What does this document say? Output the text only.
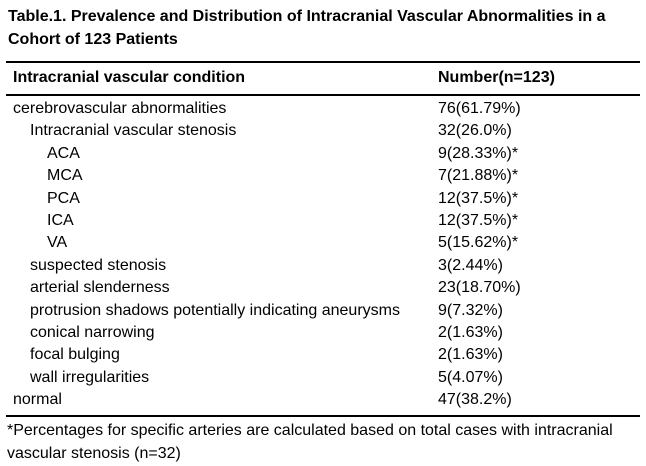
Table.1. Prevalence and Distribution of Intracranial Vascular Abnormalities in a Cohort of 123 Patients
Intracranial vascular condition	Number(n=123)
cerebrovascular abnormalities	76(61.79%)
Intracranial vascular stenosis	32(26.0%)
ACA	9(28.33%)*
MCA	7(21.88%)*
PCA	12(37.5%)*
ICA	12(37.5%)*
VA	5(15.62%)*
suspected stenosis	3(2.44%)
arterial slenderness	23(18.70%)
protrusion shadows potentially indicating aneurysms	9(7.32%)
conical narrowing	2(1.63%)
focal bulging	2(1.63%)
wall irregularities	5(4.07%)
normal	47(38.2%)
*Percentages for specific arteries are calculated based on total cases with intracranial vascular stenosis (n=32)
